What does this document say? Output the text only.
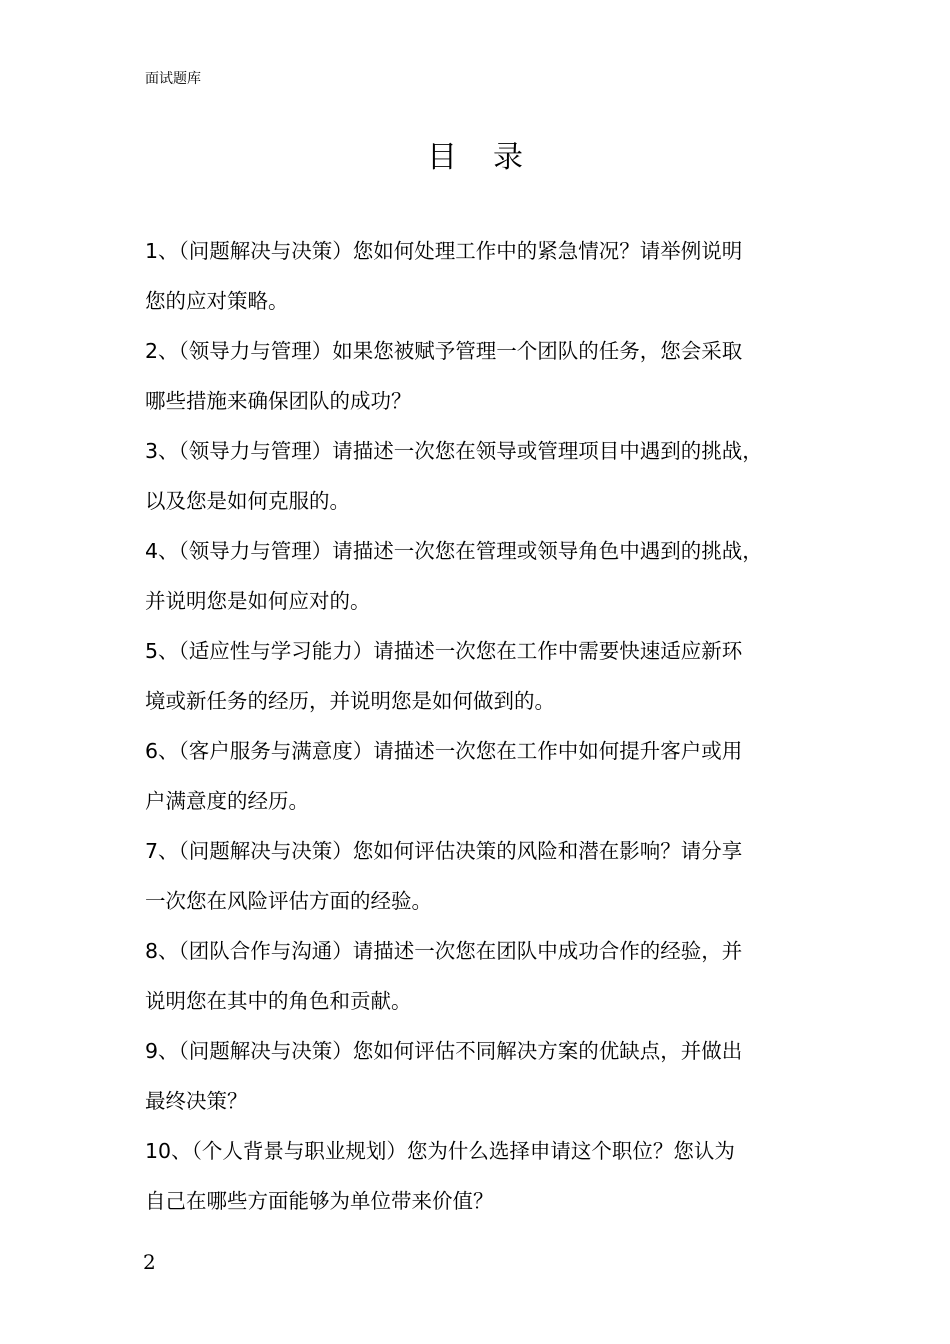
面试题库
目录
1、（问题解决与决策）您如何处理工作中的紧急情况？请举例说明
您的应对策略。
2、（领导力与管理）如果您被赋予管理一个团队的任务，您会采取
哪些措施来确保团队的成功？
3、（领导力与管理）请描述一次您在领导或管理项目中遇到的挑战，
以及您是如何克服的。
4、（领导力与管理）请描述一次您在管理或领导角色中遇到的挑战，
并说明您是如何应对的。
5、（适应性与学习能力）请描述一次您在工作中需要快速适应新环
境或新任务的经历，并说明您是如何做到的。
6、（客户服务与满意度）请描述一次您在工作中如何提升客户或用
户满意度的经历。
7、（问题解决与决策）您如何评估决策的风险和潜在影响？请分享
一次您在风险评估方面的经验。
8、（团队合作与沟通）请描述一次您在团队中成功合作的经验，并
说明您在其中的角色和贡献。
9、（问题解决与决策）您如何评估不同解决方案的优缺点，并做出
最终决策？
10、（个人背景与职业规划）您为什么选择申请这个职位？您认为
自己在哪些方面能够为单位带来价值？
2
